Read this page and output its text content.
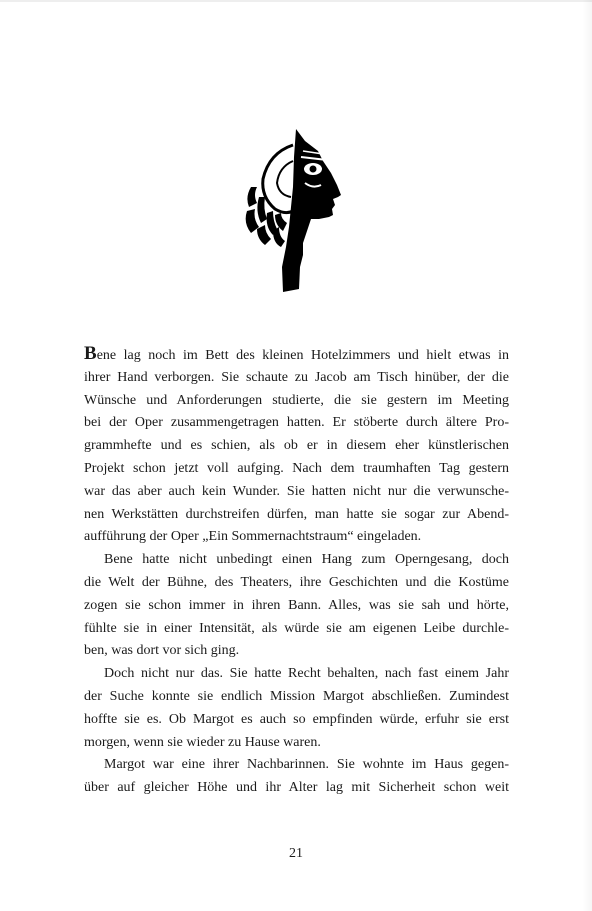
Bene lag noch im Bett des kleinen Hotelzimmers und hielt etwas in
ihrer Hand verborgen. Sie schaute zu Jacob am Tisch hinüber, der die
Wünsche und Anforderungen studierte, die sie gestern im Meeting
bei der Oper zusammengetragen hatten. Er stöberte durch ältere Pro-
grammhefte und es schien, als ob er in diesem eher künstlerischen
Projekt schon jetzt voll aufging. Nach dem traumhaften Tag gestern
war das aber auch kein Wunder. Sie hatten nicht nur die verwunsche-
nen Werkstätten durchstreifen dürfen, man hatte sie sogar zur Abend-
aufführung der Oper „Ein Sommernachtstraum“ eingeladen.
Bene hatte nicht unbedingt einen Hang zum Operngesang, doch
die Welt der Bühne, des Theaters, ihre Geschichten und die Kostüme
zogen sie schon immer in ihren Bann. Alles, was sie sah und hörte,
fühlte sie in einer Intensität, als würde sie am eigenen Leibe durchle-
ben, was dort vor sich ging.
Doch nicht nur das. Sie hatte Recht behalten, nach fast einem Jahr
der Suche konnte sie endlich Mission Margot abschließen. Zumindest
hoffte sie es. Ob Margot es auch so empfinden würde, erfuhr sie erst
morgen, wenn sie wieder zu Hause waren.
Margot war eine ihrer Nachbarinnen. Sie wohnte im Haus gegen-
über auf gleicher Höhe und ihr Alter lag mit Sicherheit schon weit
21
